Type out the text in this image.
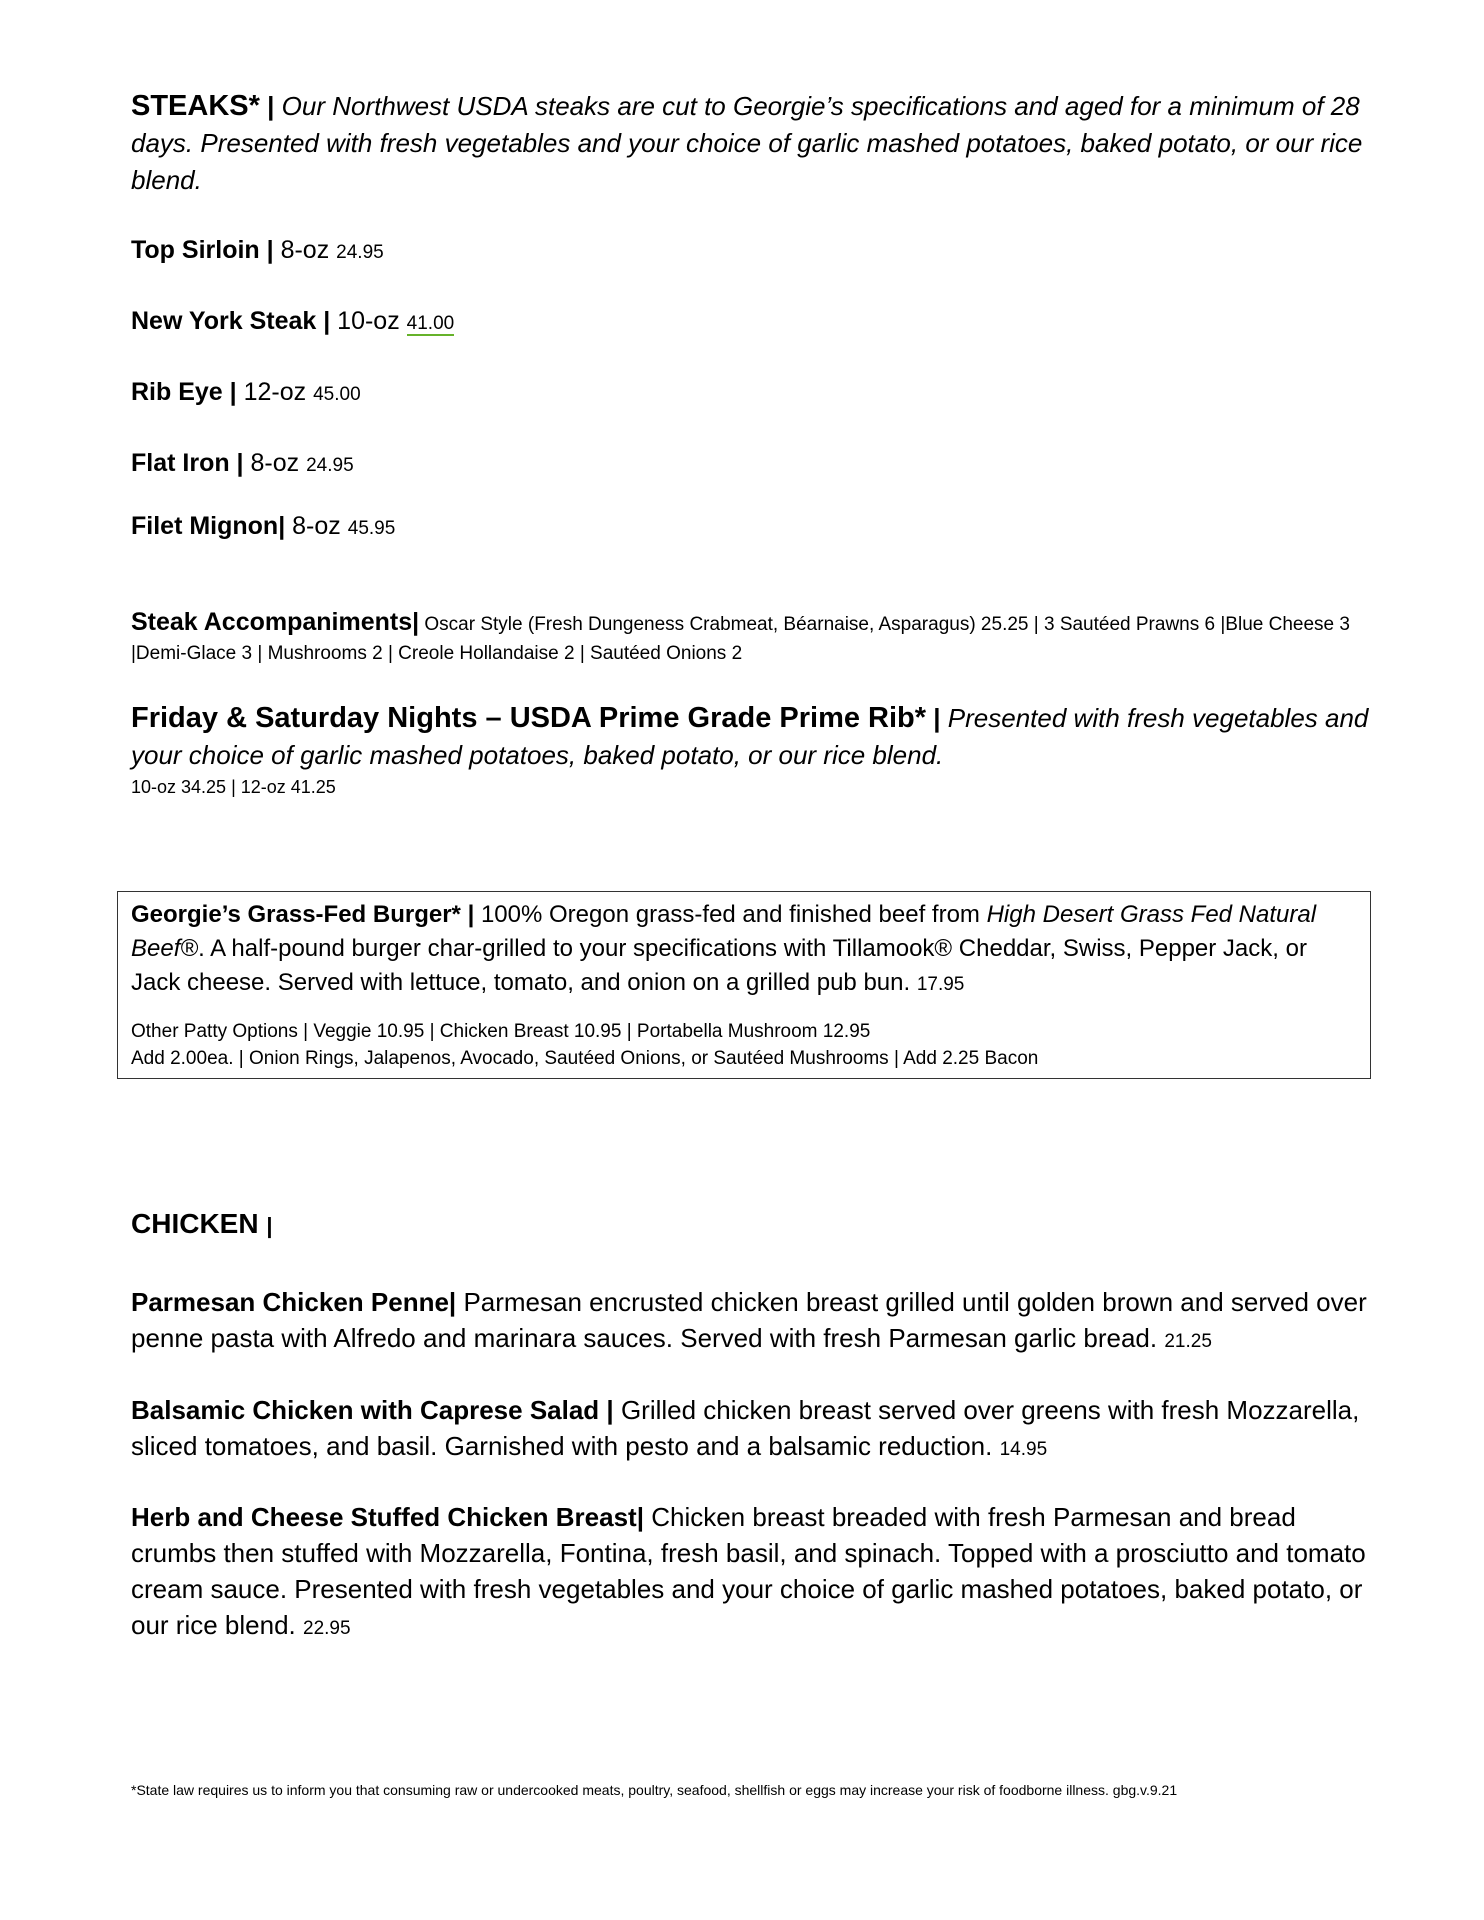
STEAKS* | Our Northwest USDA steaks are cut to Georgie’s specifications and aged for a minimum of 28 days. Presented with fresh vegetables and your choice of garlic mashed potatoes, baked potato, or our rice blend.

Top Sirloin | 8-oz 24.95

New York Steak | 10-oz 41.00

Rib Eye | 12-oz 45.00

Flat Iron | 8-oz 24.95

Filet Mignon| 8-oz 45.95

Steak Accompaniments| Oscar Style (Fresh Dungeness Crabmeat, Béarnaise, Asparagus) 25.25 | 3 Sautéed Prawns 6 |Blue Cheese 3 |Demi-Glace 3 | Mushrooms 2 | Creole Hollandaise 2 | Sautéed Onions 2

Friday & Saturday Nights – USDA Prime Grade Prime Rib* | Presented with fresh vegetables and your choice of garlic mashed potatoes, baked potato, or our rice blend.

10-oz 34.25 | 12-oz 41.25

Georgie’s Grass-Fed Burger* | 100% Oregon grass-fed and finished beef from High Desert Grass Fed Natural Beef®. A half-pound burger char-grilled to your specifications with Tillamook® Cheddar, Swiss, Pepper Jack, or Jack cheese. Served with lettuce, tomato, and onion on a grilled pub bun. 17.95

Other Patty Options | Veggie 10.95 | Chicken Breast 10.95 | Portabella Mushroom 12.95
Add 2.00ea. | Onion Rings, Jalapenos, Avocado, Sautéed Onions, or Sautéed Mushrooms | Add 2.25 Bacon

CHICKEN |

Parmesan Chicken Penne| Parmesan encrusted chicken breast grilled until golden brown and served over penne pasta with Alfredo and marinara sauces. Served with fresh Parmesan garlic bread. 21.25

Balsamic Chicken with Caprese Salad | Grilled chicken breast served over greens with fresh Mozzarella, sliced tomatoes, and basil. Garnished with pesto and a balsamic reduction. 14.95

Herb and Cheese Stuffed Chicken Breast| Chicken breast breaded with fresh Parmesan and bread crumbs then stuffed with Mozzarella, Fontina, fresh basil, and spinach. Topped with a prosciutto and tomato cream sauce. Presented with fresh vegetables and your choice of garlic mashed potatoes, baked potato, or our rice blend. 22.95

*State law requires us to inform you that consuming raw or undercooked meats, poultry, seafood, shellfish or eggs may increase your risk of foodborne illness. gbg.v.9.21
